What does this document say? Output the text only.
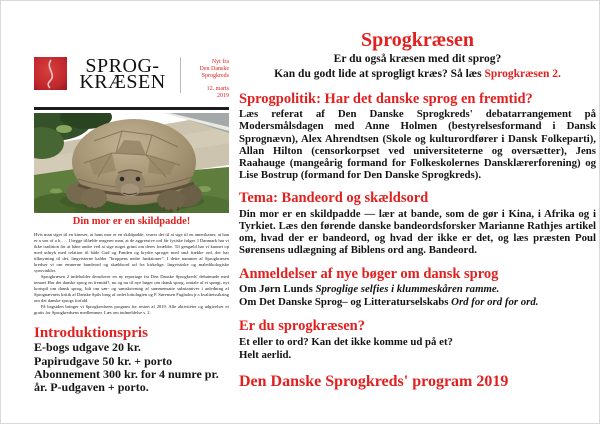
SPROG-
KRÆSEN
Nyt fra
Den Danske
Sprogkreds
12. marts
2019
Din mor er en skildpadde!

Hvis man siger til en kineser, at hans mor er en skildpadde, svarer det til at sige til en amerikaner, at han er a son of a b… . I begge tilfælde reagerer man, at de aggressive ord får fysiske følger. I Danmark har vi ikke tradition for at håne andre ved at sige noget grimt om deres forældre. Til gengæld har vi kunnet op med udtryk med relation til både Gud og Fanden og krydre sproget med små frække ord, der har tilknytning til det, lingvisterne kalder ”kroppens nedre funktioner”. I dette nummer af Sprogkræsen kredser vi om emnerne bandeord og skældsord ud fra kirkelige, lingvistiske og maledikologiske synsvinkler.

Sprogkræsen 2 indeholder derudover en ny reportage fra Den Danske Sprogkreds' debatmøde med temaet Har det danske sprog en fremtid?, nu og nu til nye bøger om dansk sprog, omtale af et spørgt, nyt kortspil om dansk sprog, lidt om sær- og samskrivning af sammensatte substantiver i anledning af Sprognævnets kritik af Danske Spils brug af ordet lottolugten og P. Sørensen Fugholm jr.s kvalitetssikring om det danske sprogs forfald.

På bagsiden bringer vi Sprogkredsens program for resten af 2019. Alle aktiviteter og udgivelser er gratis for Sprogkredsens medlemmer. Læs om indmeldelse s. 2.

Introduktionspris
E-bogs udgave 20 kr.
Papirudgave 50 kr. + porto
Abonnement 300 kr. for 4 numre pr.
år. P-udgaven + porto.
Sprogkræsen
Er du også kræsen med dit sprog?
Kan du godt lide at sprogligt kræs? Så læs Sprogkræsen 2.
Sprogpolitik: Har det danske sprog en fremtid?
Læs referat af Den Danske Sprogkreds' debatarrangement på Modersmålsdagen med Anne Holmen (bestyrelsesformand i Dansk Sprognævn), Alex Ahrendtsen (Skole og kulturordfører i Dansk Folkeparti), Allan Hilton (censorkorpset ved universiteterne og oversætter), Jens Raahauge (mangeårig formand for Folkeskolernes Dansklærerforening) og Lise Bostrup (formand for Den Danske Sprogkreds).
Tema: Bandeord og skældsord
Din mor er en skildpadde — lær at bande, som de gør i Kina, i Afrika og i Tyrkiet. Læs den førende danske bandeordsforsker Marianne Rathjes artikel om, hvad der er bandeord, og hvad der ikke er det, og læs præsten Poul Sørensens udlægning af Biblens ord ang. Bandeord.
Anmeldelser af nye bøger om dansk sprog
Om Jørn Lunds Sproglige selfies i klummeskåren ramme.
Om Det Danske Sprog– og Litteraturselskabs Ord for ord for ord.
Er du sprogkræsen?
Et eller to ord? Kan det ikke komme ud på et?
Helt aerlid.
Den Danske Sprogkreds' program 2019
